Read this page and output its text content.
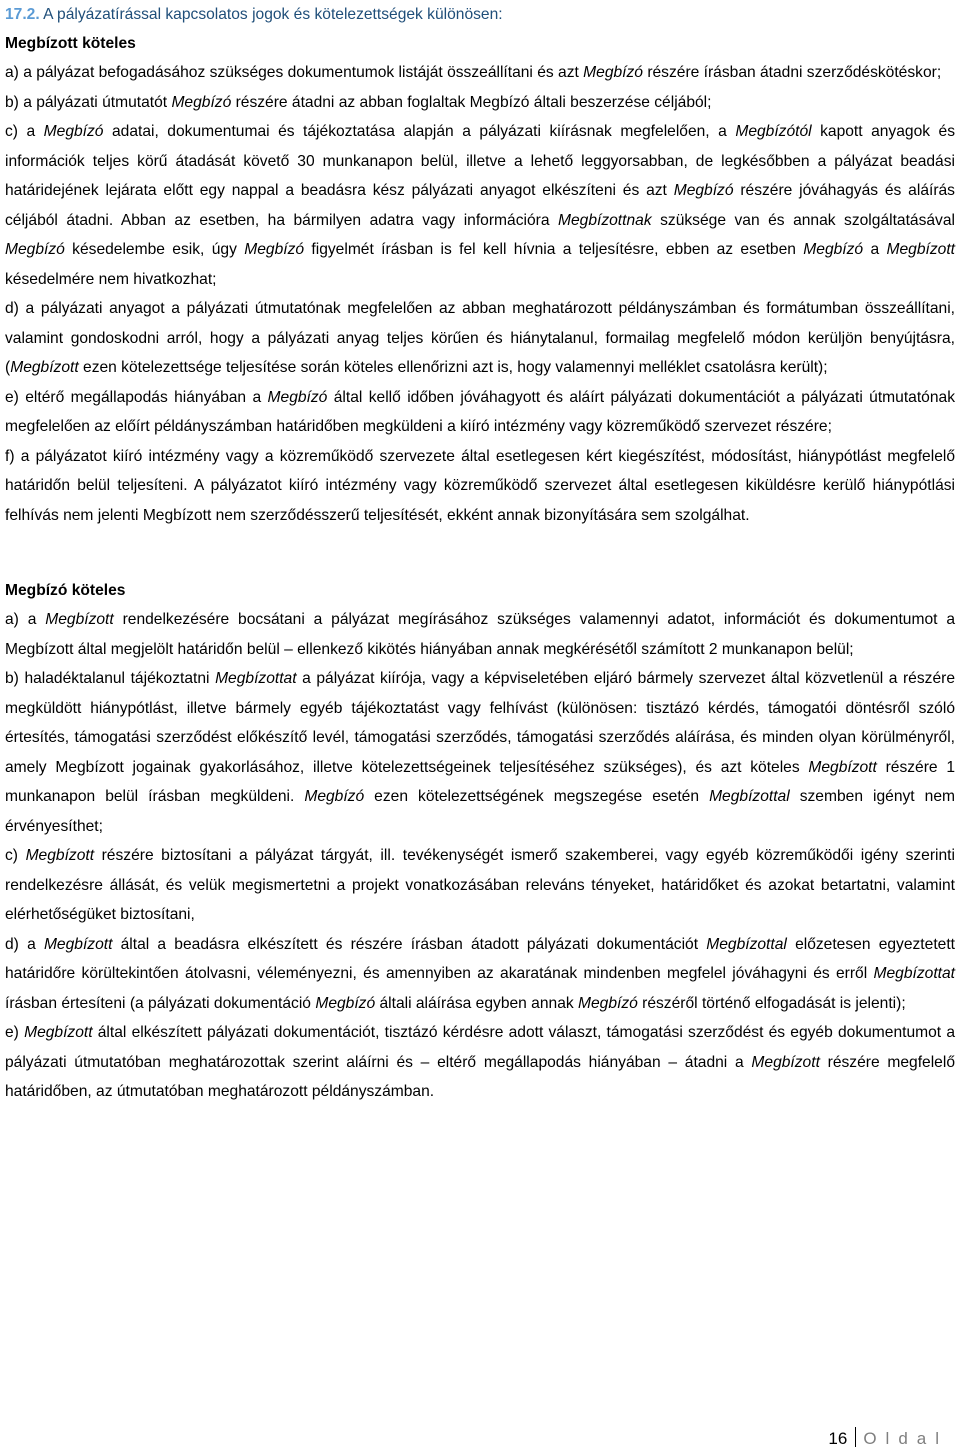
17.2. A pályázatírással kapcsolatos jogok és kötelezettségek különösen:
Megbízott köteles

a) a pályázat befogadásához szükséges dokumentumok listáját összeállítani és azt Megbízó részére írásban átadni szerződéskötéskor;

b) a pályázati útmutatót Megbízó részére átadni az abban foglaltak Megbízó általi beszerzése céljából;

c) a Megbízó adatai, dokumentumai és tájékoztatása alapján a pályázati kiírásnak megfelelően, a Megbízótól kapott anyagok és információk teljes körű átadását követő 30 munkanapon belül, illetve a lehető leggyorsabban, de legkésőbben a pályázat beadási határidejének lejárata előtt egy nappal a beadásra kész pályázati anyagot elkészíteni és azt Megbízó részére jóváhagyás és aláírás céljából átadni. Abban az esetben, ha bármilyen adatra vagy információra Megbízottnak szüksége van és annak szolgáltatásával Megbízó késedelembe esik, úgy Megbízó figyelmét írásban is fel kell hívnia a teljesítésre, ebben az esetben Megbízó a Megbízott késedelmére nem hivatkozhat;

d) a pályázati anyagot a pályázati útmutatónak megfelelően az abban meghatározott példányszámban és formátumban összeállítani, valamint gondoskodni arról, hogy a pályázati anyag teljes körűen és hiánytalanul, formailag megfelelő módon kerüljön benyújtásra, (Megbízott ezen kötelezettsége teljesítése során köteles ellenőrizni azt is, hogy valamennyi melléklet csatolásra került);

e) eltérő megállapodás hiányában a Megbízó által kellő időben jóváhagyott és aláírt pályázati dokumentációt a pályázati útmutatónak megfelelően az előírt példányszámban határidőben megküldeni a kiíró intézmény vagy közreműködő szervezet részére;

f) a pályázatot kiíró intézmény vagy a közreműködő szervezete által esetlegesen kért kiegészítést, módosítást, hiánypótlást megfelelő határidőn belül teljesíteni. A pályázatot kiíró intézmény vagy közreműködő szervezet által esetlegesen kiküldésre kerülő hiánypótlási felhívás nem jelenti Megbízott nem szerződésszerű teljesítését, ekként annak bizonyítására sem szolgálhat.

Megbízó köteles

a) a Megbízott rendelkezésére bocsátani a pályázat megírásához szükséges valamennyi adatot, információt és dokumentumot a Megbízott által megjelölt határidőn belül – ellenkező kikötés hiányában annak megkérésétől számított 2 munkanapon belül;

b) haladéktalanul tájékoztatni Megbízottat a pályázat kiírója, vagy a képviseletében eljáró bármely szervezet által közvetlenül a részére megküldött hiánypótlást, illetve bármely egyéb tájékoztatást vagy felhívást (különösen: tisztázó kérdés, támogatói döntésről szóló értesítés, támogatási szerződést előkészítő levél, támogatási szerződés, támogatási szerződés aláírása, és minden olyan körülményről, amely Megbízott jogainak gyakorlásához, illetve kötelezettségeinek teljesítéséhez szükséges), és azt köteles Megbízott részére 1 munkanapon belül írásban megküldeni. Megbízó ezen kötelezettségének megszegése esetén Megbízottal szemben igényt nem érvényesíthet;

c) Megbízott részére biztosítani a pályázat tárgyát, ill. tevékenységét ismerő szakemberei, vagy egyéb közreműködői igény szerinti rendelkezésre állását, és velük megismertetni a projekt vonatkozásában releváns tényeket, határidőket és azokat betartatni, valamint elérhetőségüket biztosítani,

d) a Megbízott által a beadásra elkészített és részére írásban átadott pályázati dokumentációt Megbízottal előzetesen egyeztetett határidőre körültekintően átolvasni, véleményezni, és amennyiben az akaratának mindenben megfelel jóváhagyni és erről Megbízottat írásban értesíteni (a pályázati dokumentáció Megbízó általi aláírása egyben annak Megbízó részéről történő elfogadását is jelenti);

e) Megbízott által elkészített pályázati dokumentációt, tisztázó kérdésre adott választ, támogatási szerződést és egyéb dokumentumot a pályázati útmutatóban meghatározottak szerint aláírni és – eltérő megállapodás hiányában – átadni a Megbízott részére megfelelő határidőben, az útmutatóban meghatározott példányszámban.

16 Oldal
